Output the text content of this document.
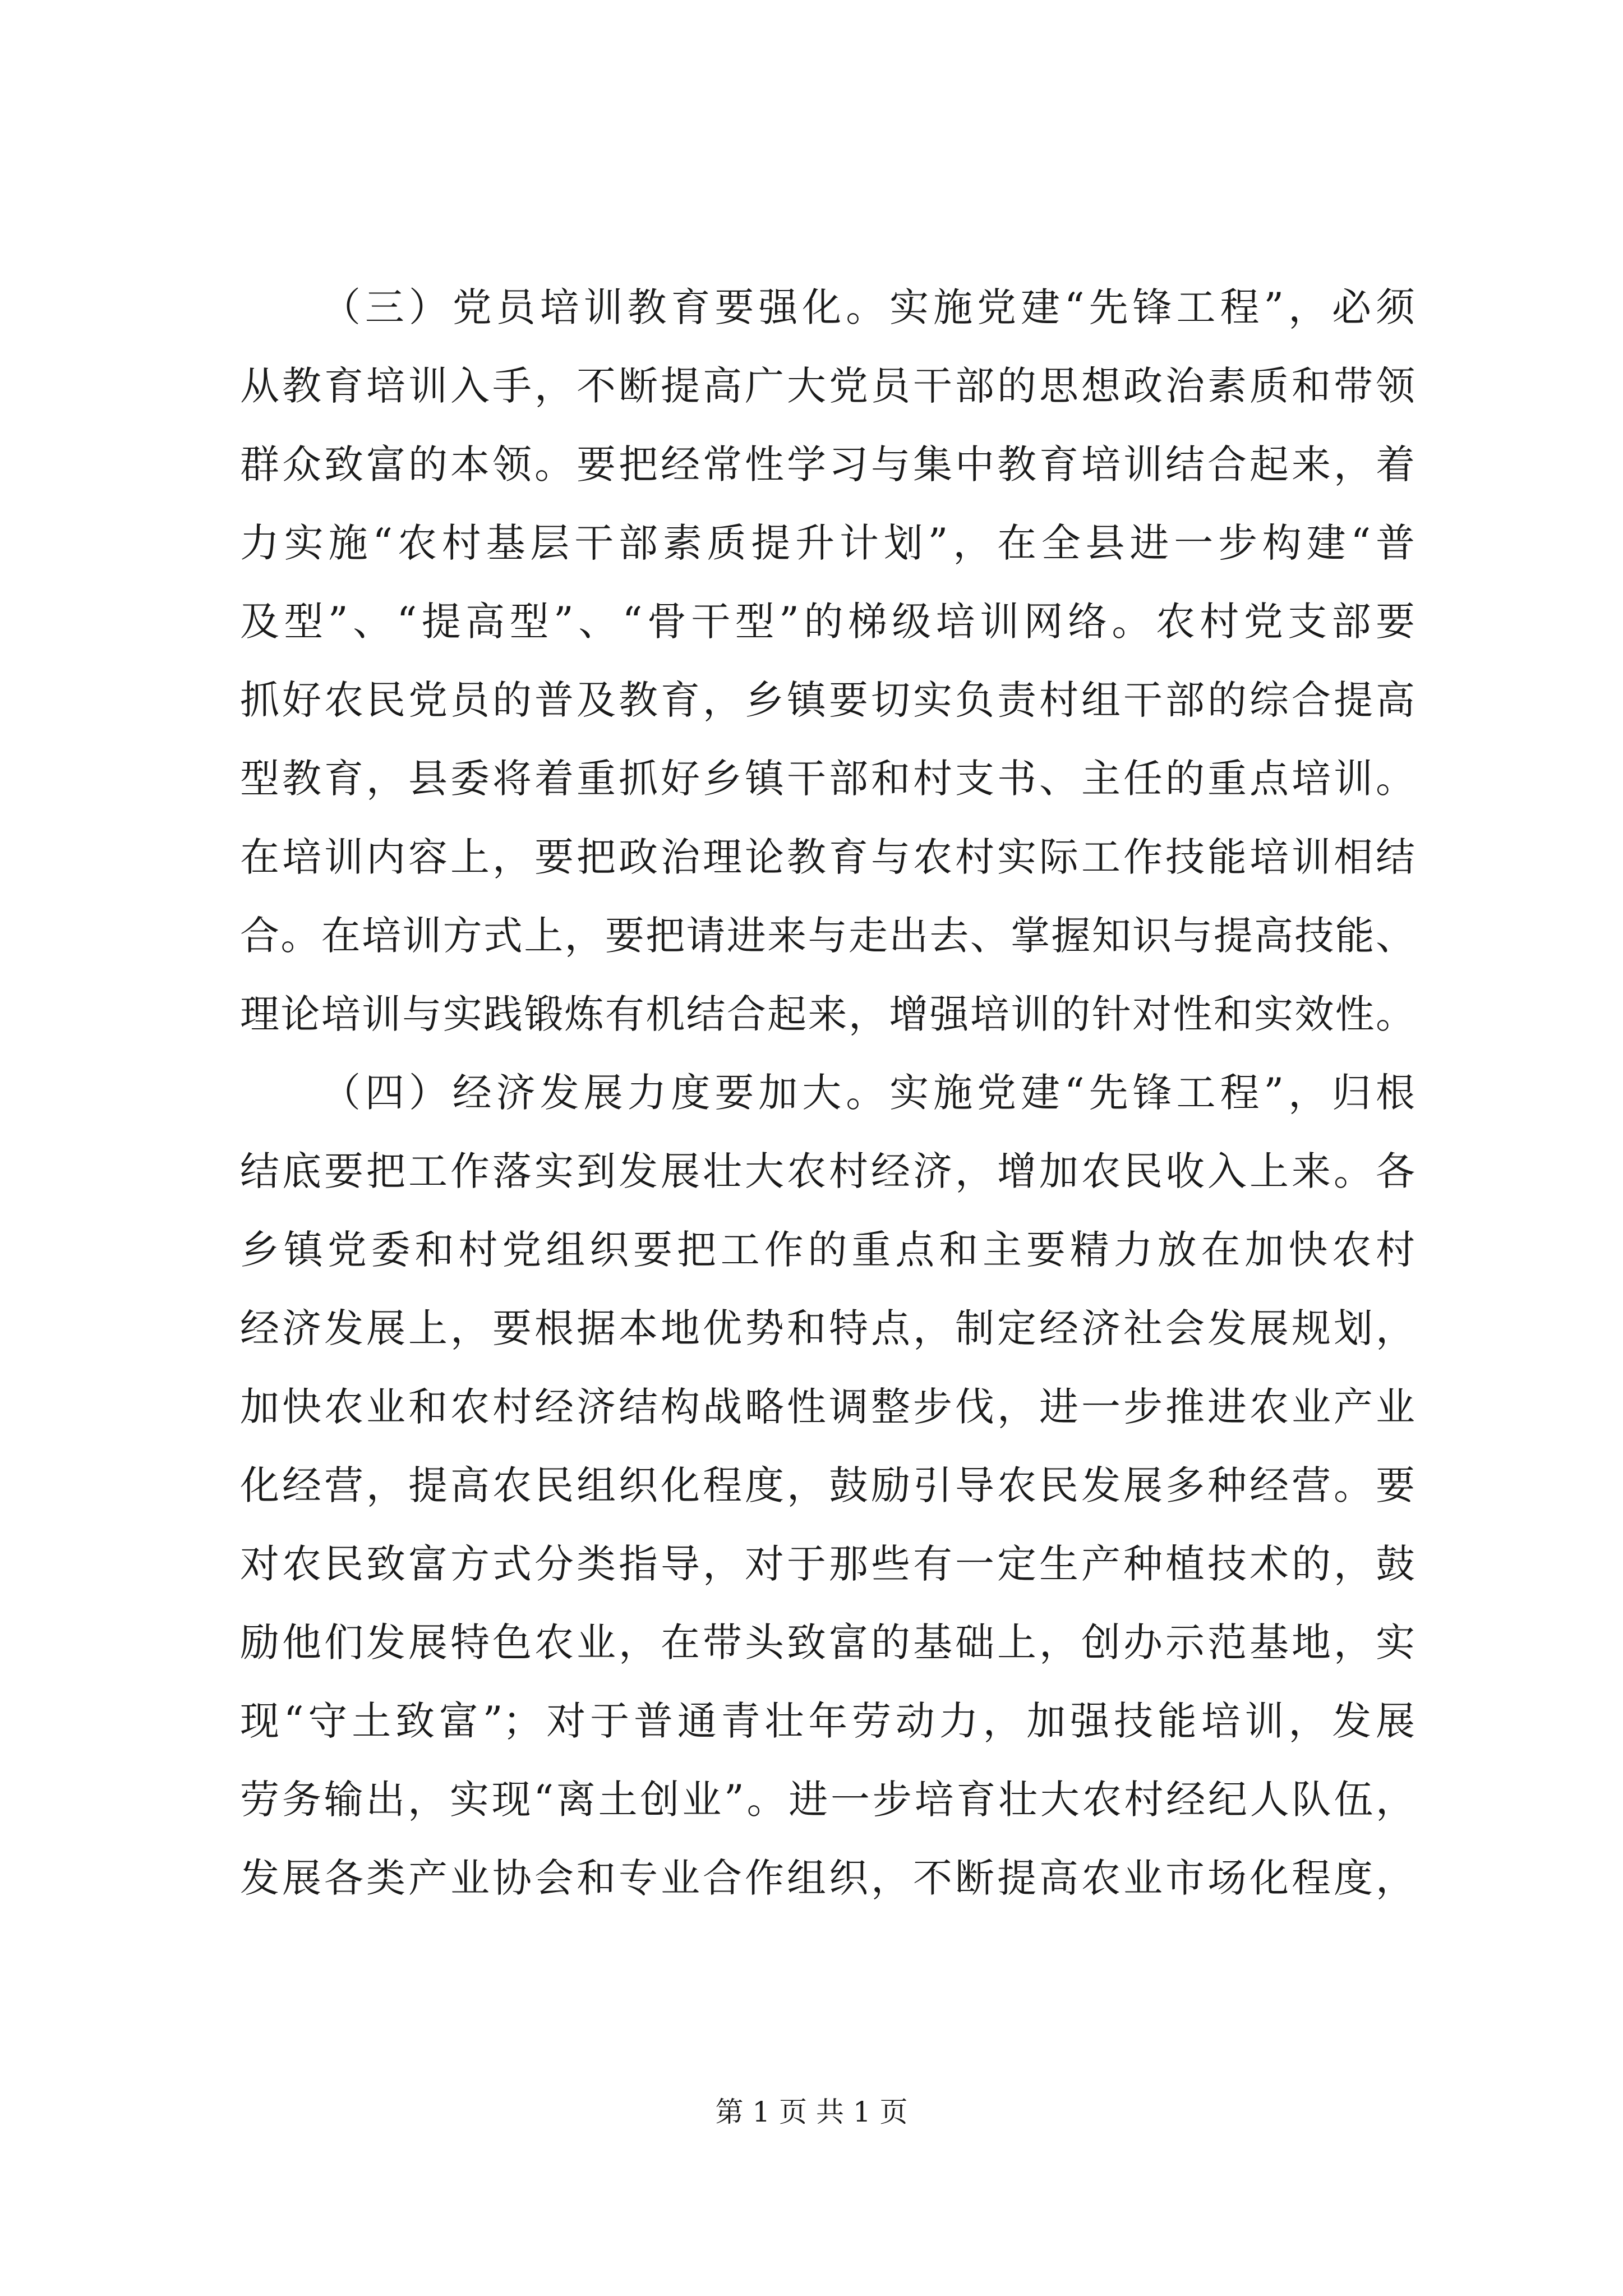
（三）党员培训教育要强化。实施党建“先锋工程”，必须
从教育培训入手，不断提高广大党员干部的思想政治素质和带领
群众致富的本领。要把经常性学习与集中教育培训结合起来，着
力实施“农村基层干部素质提升计划”，在全县进一步构建“普
及型”、“提高型”、“骨干型”的梯级培训网络。农村党支部要
抓好农民党员的普及教育，乡镇要切实负责村组干部的综合提高
型教育，县委将着重抓好乡镇干部和村支书、主任的重点培训。
在培训内容上，要把政治理论教育与农村实际工作技能培训相结
合。在培训方式上，要把请进来与走出去、掌握知识与提高技能、
理论培训与实践锻炼有机结合起来，增强培训的针对性和实效性。
（四）经济发展力度要加大。实施党建“先锋工程”，归根
结底要把工作落实到发展壮大农村经济，增加农民收入上来。各
乡镇党委和村党组织要把工作的重点和主要精力放在加快农村
经济发展上，要根据本地优势和特点，制定经济社会发展规划，
加快农业和农村经济结构战略性调整步伐，进一步推进农业产业
化经营，提高农民组织化程度，鼓励引导农民发展多种经营。要
对农民致富方式分类指导，对于那些有一定生产种植技术的，鼓
励他们发展特色农业，在带头致富的基础上，创办示范基地，实
现“守土致富”；对于普通青壮年劳动力，加强技能培训，发展
劳务输出，实现“离土创业”。进一步培育壮大农村经纪人队伍，
发展各类产业协会和专业合作组织，不断提高农业市场化程度，
第 1 页 共 1 页
